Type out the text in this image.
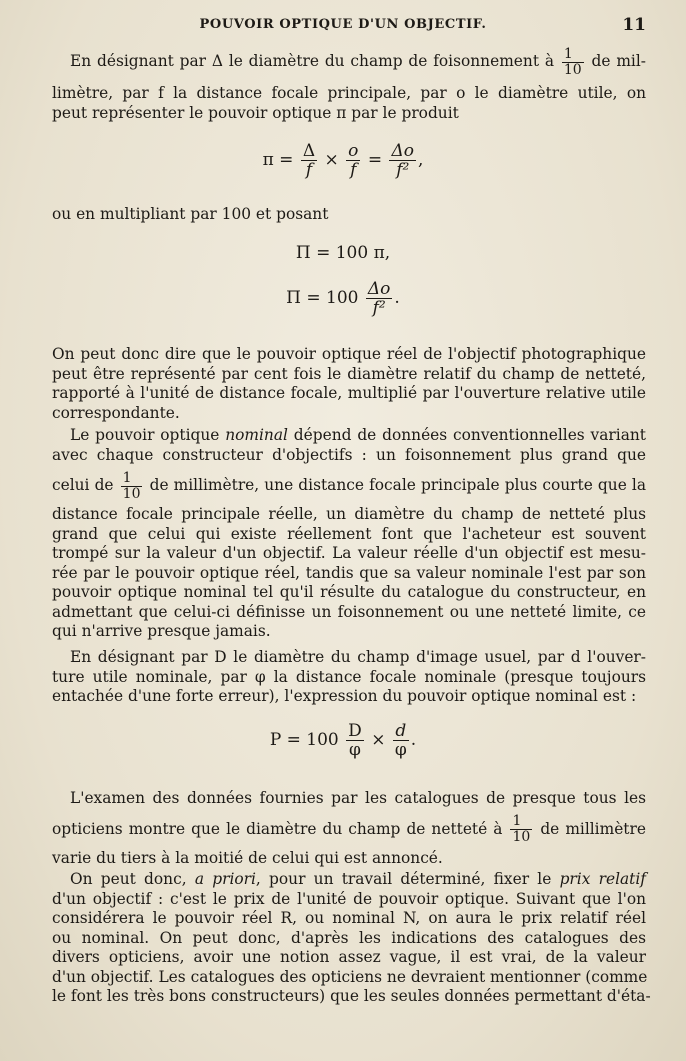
POUVOIR OPTIQUE D'UN OBJECTIF.	11
En désignant par Δ le diamètre du champ de foisonnement à $\frac{1}{10}$ de mil-
limètre, par f la distance focale principale, par o le diamètre utile, on
peut représenter le pouvoir optique π par le produit
$\pi = \frac{\Delta}{f} \times \frac{o}{f} = \frac{\Delta o}{\text{f²}}$ ,
ou en multipliant par 100 et posant
Π = 100 π,
$\Pi = 100 \frac{\Delta o}{\text{f²}}$ .
On peut donc dire que le pouvoir optique réel de l'objectif photographique
peut être représenté par cent fois le diamètre relatif du champ de netteté,
rapporté à l'unité de distance focale, multiplié par l'ouverture relative utile
correspondante.
Le pouvoir optique nominal dépend de données conventionnelles variant
avec chaque constructeur d'objectifs : un foisonnement plus grand que
celui de $\frac{1}{10}$ de millimètre, une distance focale principale plus courte que la
distance focale principale réelle, un diamètre du champ de netteté plus
grand que celui qui existe réellement font que l'acheteur est souvent
trompé sur la valeur d'un objectif. La valeur réelle d'un objectif est mesu-
rée par le pouvoir optique réel, tandis que sa valeur nominale l'est par son
pouvoir optique nominal tel qu'il résulte du catalogue du constructeur, en
admettant que celui-ci définisse un foisonnement ou une netteté limite, ce
qui n'arrive presque jamais.
En désignant par D le diamètre du champ d'image usuel, par d l'ouver-
ture utile nominale, par φ la distance focale nominale (presque toujours
entachée d'une forte erreur), l'expression du pouvoir optique nominal est :
$P = 100 \frac{D}{\varphi} \times \frac{d}{\varphi}$ .
L'examen des données fournies par les catalogues de presque tous les
opticiens montre que le diamètre du champ de netteté à $\frac{1}{10}$ de millimètre
varie du tiers à la moitié de celui qui est annoncé.
On peut donc, a priori, pour un travail déterminé, fixer le prix relatif
d'un objectif : c'est le prix de l'unité de pouvoir optique. Suivant que l'on
considérera le pouvoir réel R, ou nominal N, on aura le prix relatif réel
ou nominal. On peut donc, d'après les indications des catalogues des
divers opticiens, avoir une notion assez vague, il est vrai, de la valeur
d'un objectif. Les catalogues des opticiens ne devraient mentionner (comme
le font les très bons constructeurs) que les seules données permettant d'éta-
